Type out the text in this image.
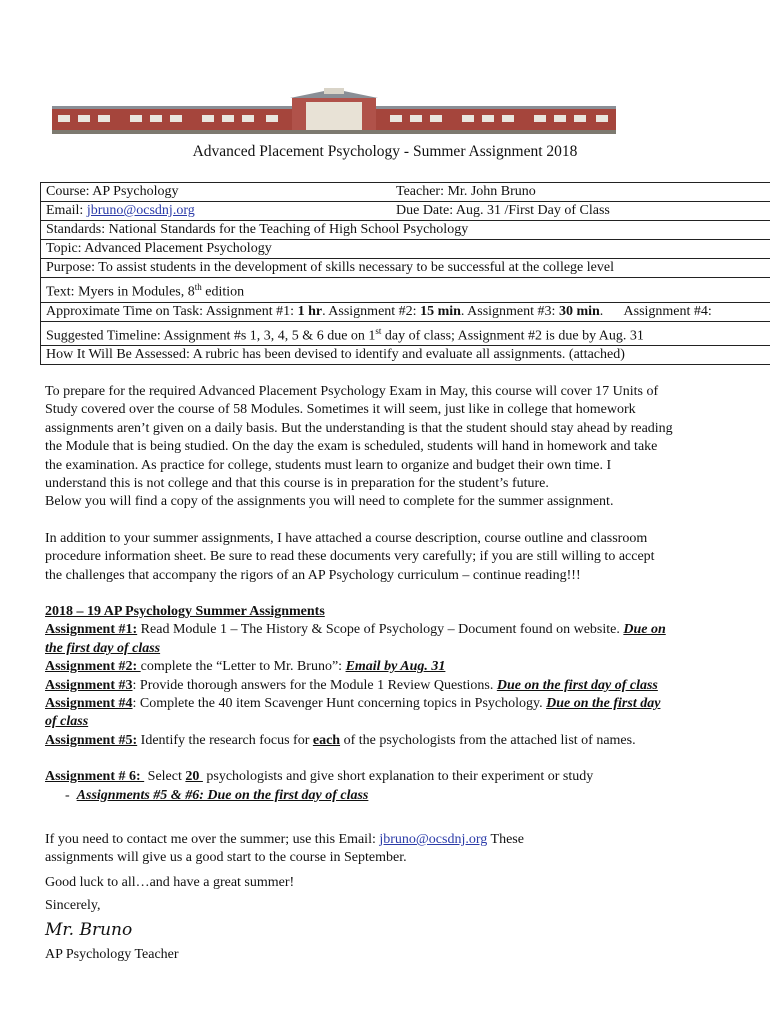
Advanced Placement Psychology - Summer Assignment 2018
Course: AP Psychology	Teacher: Mr. John Bruno

Email: jbruno@ocsdnj.org	Due Date: Aug. 31 /First Day of Class

Standards: National Standards for the Teaching of High School Psychology
Topic: Advanced Placement Psychology
Purpose: To assist students in the development of skills necessary to be successful at the college level
Text: Myers in Modules, 8th edition
Approximate Time on Task: Assignment #1: 1 hr. Assignment #2: 15 min. Assignment #3: 30 min.      Assignment #4:
Suggested Timeline: Assignment #s 1, 3, 4, 5 & 6 due on 1st day of class; Assignment #2 is due by Aug. 31
How It Will Be Assessed: A rubric has been devised to identify and evaluate all assignments. (attached)
To prepare for the required Advanced Placement Psychology Exam in May, this course will cover 17 Units of
Study covered over the course of 58 Modules. Sometimes it will seem, just like in college that homework
assignments aren’t given on a daily basis. But the understanding is that the student should stay ahead by reading
the Module that is being studied. On the day the exam is scheduled, students will hand in homework and take
the examination. As practice for college, students must learn to organize and budget their own time. I
understand this is not college and that this course is in preparation for the student’s future.
Below you will find a copy of the assignments you will need to complete for the summer assignment.
In addition to your summer assignments, I have attached a course description, course outline and classroom
procedure information sheet. Be sure to read these documents very carefully; if you are still willing to accept
the challenges that accompany the rigors of an AP Psychology curriculum – continue reading!!!
2018 – 19 AP Psychology Summer Assignments
Assignment #1: Read Module 1 – The History & Scope of Psychology – Document found on website. Due on
the first day of class
Assignment #2: complete the “Letter to Mr. Bruno”: Email by Aug. 31
Assignment #3: Provide thorough answers for the Module 1 Review Questions. Due on the first day of class
Assignment #4: Complete the 40 item Scavenger Hunt concerning topics in Psychology. Due on the first day
of class
Assignment #5: Identify the research focus for each of the psychologists from the attached list of names.
Assignment # 6:  Select 20  psychologists and give short explanation to their experiment or study
-  Assignments #5 & #6: Due on the first day of class
If you need to contact me over the summer; use this Email: jbruno@ocsdnj.org These
assignments will give us a good start to the course in September.
Good luck to all…and have a great summer!
Sincerely,
Mr. Bruno
AP Psychology Teacher
